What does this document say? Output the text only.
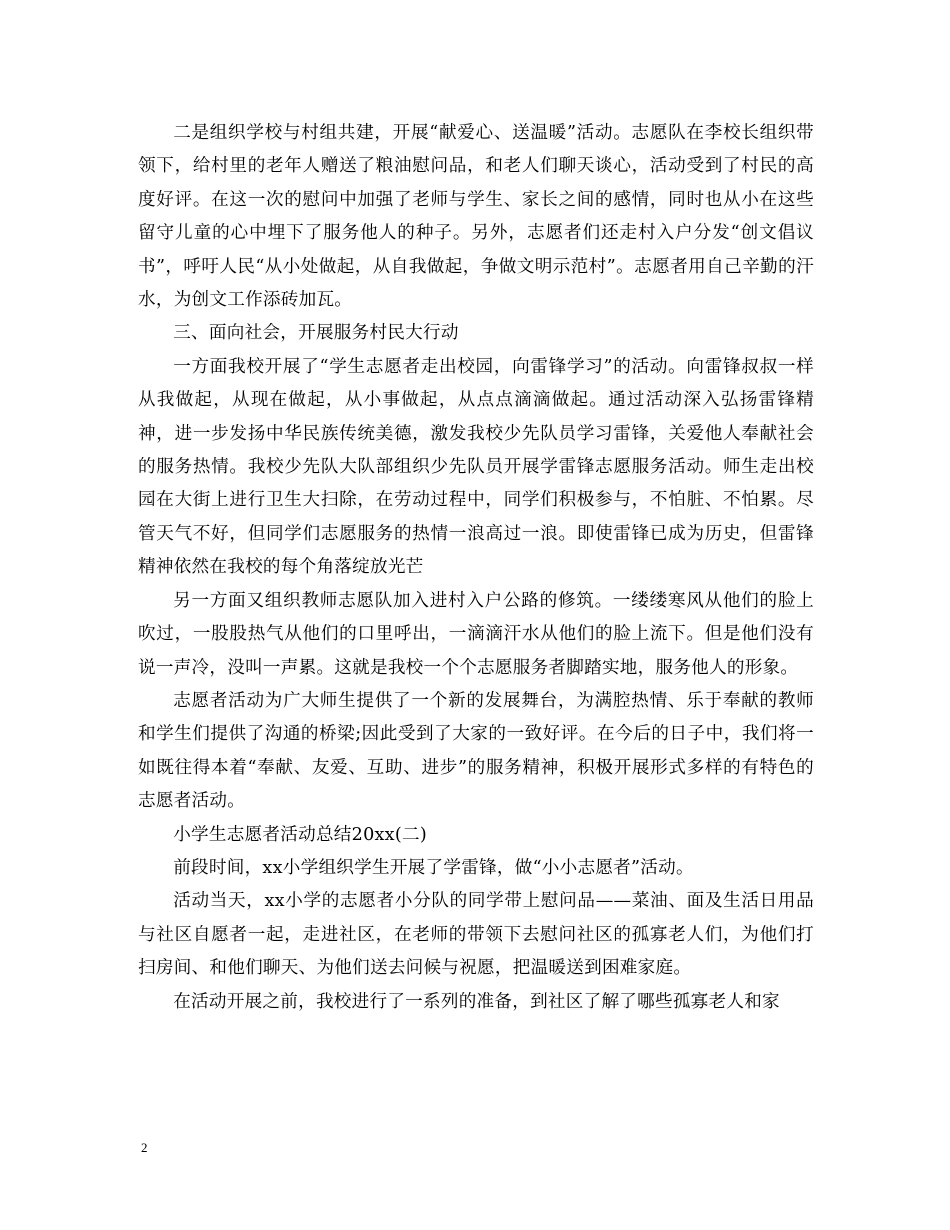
二是组织学校与村组共建，开展“献爱心、送温暖”活动。志愿队在李校长组织带领下，给村里的老年人赠送了粮油慰问品，和老人们聊天谈心，活动受到了村民的高度好评。在这一次的慰问中加强了老师与学生、家长之间的感情，同时也从小在这些留守儿童的心中埋下了服务他人的种子。另外，志愿者们还走村入户分发“创文倡议书”，呼吁人民“从小处做起，从自我做起，争做文明示范村”。志愿者用自己辛勤的汗水，为创文工作添砖加瓦。

三、面向社会，开展服务村民大行动

一方面我校开展了“学生志愿者走出校园，向雷锋学习”的活动。向雷锋叔叔一样从我做起，从现在做起，从小事做起，从点点滴滴做起。通过活动深入弘扬雷锋精神，进一步发扬中华民族传统美德，激发我校少先队员学习雷锋，关爱他人奉献社会的服务热情。我校少先队大队部组织少先队员开展学雷锋志愿服务活动。师生走出校园在大街上进行卫生大扫除，在劳动过程中，同学们积极参与，不怕脏、不怕累。尽管天气不好，但同学们志愿服务的热情一浪高过一浪。即使雷锋已成为历史，但雷锋精神依然在我校的每个角落绽放光芒

另一方面又组织教师志愿队加入进村入户公路的修筑。一缕缕寒风从他们的脸上吹过，一股股热气从他们的口里呼出，一滴滴汗水从他们的脸上流下。但是他们没有说一声冷，没叫一声累。这就是我校一个个志愿服务者脚踏实地，服务他人的形象。

志愿者活动为广大师生提供了一个新的发展舞台，为满腔热情、乐于奉献的教师和学生们提供了沟通的桥梁;因此受到了大家的一致好评。在今后的日子中，我们将一如既往得本着“奉献、友爱、互助、进步”的服务精神，积极开展形式多样的有特色的志愿者活动。

小学生志愿者活动总结20xx(二)

前段时间，xx小学组织学生开展了学雷锋，做“小小志愿者”活动。

活动当天，xx小学的志愿者小分队的同学带上慰问品——菜油、面及生活日用品与社区自愿者一起，走进社区，在老师的带领下去慰问社区的孤寡老人们，为他们打扫房间、和他们聊天、为他们送去问候与祝愿，把温暖送到困难家庭。

在活动开展之前，我校进行了一系列的准备，到社区了解了哪些孤寡老人和家

2
